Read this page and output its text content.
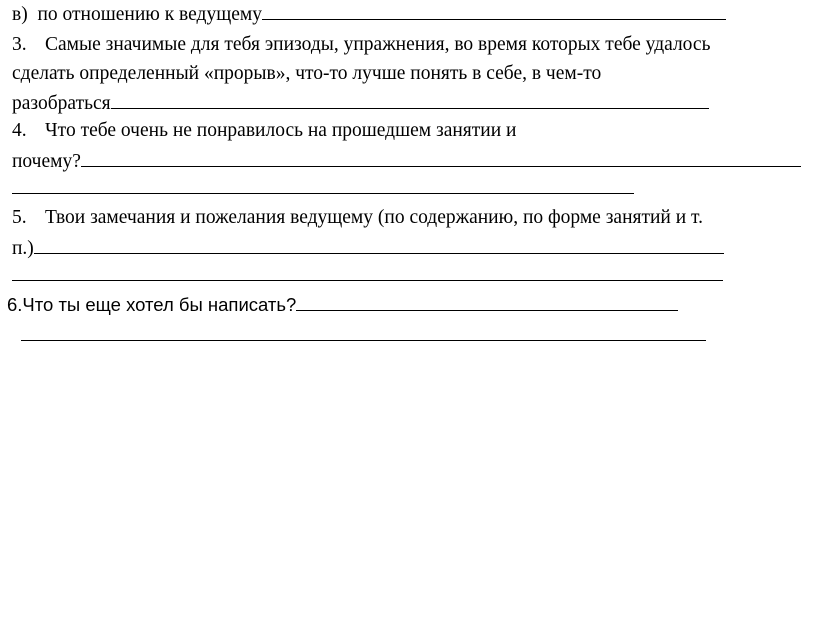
в) по отношению к ведущему

3. Самые значимые для тебя эпизоды, упражнения, во время которых тебе удалось

сделать определенный «прорыв», что-то лучше понять в себе, в чем-то

разобраться

4. Что тебе очень не понравилось на прошедшем занятии и

почему?

5. Твои замечания и пожелания ведущему (по содержанию, по форме занятий и т.

п.)

6.Что ты еще хотел бы написать?
